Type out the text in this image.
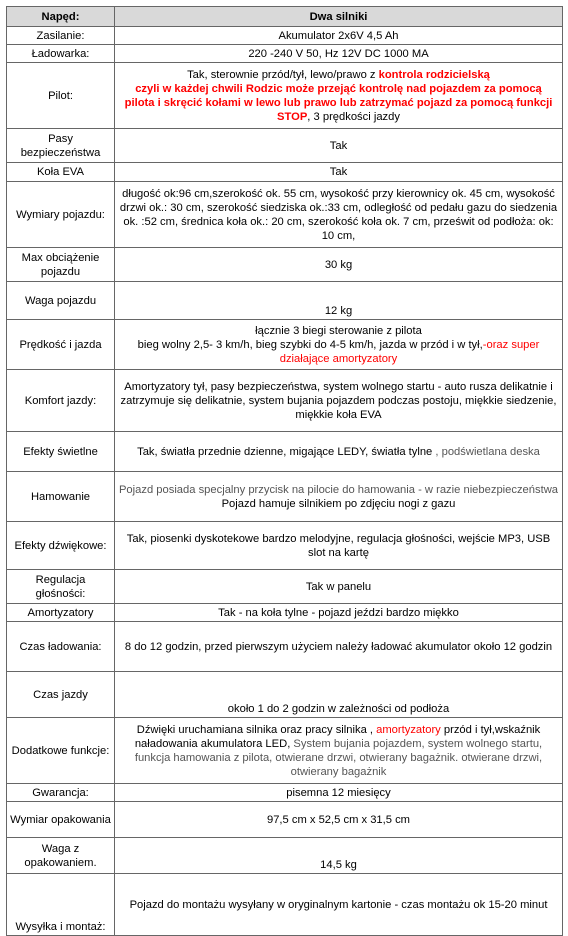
Napęd:	Dwa silniki
Zasilanie:	Akumulator 2x6V 4,5 Ah
Ładowarka:	220 -240 V 50, Hz 12V DC 1000 MA
Pilot:	Tak, sterownie przód/tył, lewo/prawo z kontrola rodzicielską
czyli w każdej chwili Rodzic może przejąć kontrolę nad pojazdem za pomocą pilota i skręcić kołami w lewo lub prawo lub zatrzymać pojazd za pomocą funkcji STOP, 3 prędkości jazdy
Pasy bezpieczeństwa	Tak
Koła EVA	Tak
Wymiary pojazdu:	długość ok:96 cm,szerokość ok. 55 cm, wysokość przy kierownicy ok. 45 cm, wysokość drzwi ok.: 30 cm, szerokość siedziska ok.:33 cm, odległość od pedału gazu do siedzenia ok. :52 cm, średnica koła ok.: 20 cm, szerokość koła ok. 7 cm, prześwit od podłoża: ok: 10 cm,
Max obciążenie pojazdu	30 kg
Waga pojazdu	12 kg
Prędkość i jazda	łącznie 3 biegi sterowanie z pilota
bieg wolny 2,5- 3 km/h, bieg szybki do 4-5 km/h, jazda w przód i w tył,-oraz super działające amortyzatory
Komfort jazdy:	Amortyzatory tył, pasy bezpieczeństwa, system wolnego startu - auto rusza delikatnie i zatrzymuje się delikatnie, system bujania pojazdem podczas postoju, miękkie siedzenie, miękkie koła EVA
Efekty świetlne	Tak, światła przednie dzienne, migające LEDY, światła tylne , podświetlana deska
Hamowanie	Pojazd posiada specjalny przycisk na pilocie do hamowania - w razie niebezpieczeństwa
Pojazd hamuje silnikiem po zdjęciu nogi z gazu
Efekty dźwiękowe:	Tak, piosenki dyskotekowe bardzo melodyjne, regulacja głośności, wejście MP3, USB slot na kartę
Regulacja głośności:	Tak w panelu
Amortyzatory	Tak - na koła tylne - pojazd jeździ bardzo miękko
Czas ładowania:	8 do 12 godzin, przed pierwszym użyciem należy ładować akumulator około 12 godzin
Czas jazdy	około 1 do 2 godzin w zależności od podłoża
Dodatkowe funkcje:	Dźwięki uruchamiana silnika oraz pracy silnika , amortyzatory przód i tył,wskaźnik naładowania akumulatora LED, System bujania pojazdem, system wolnego startu, funkcja hamowania z pilota, otwierane drzwi, otwierany bagażnik. otwierane drzwi, otwierany bagażnik
Gwarancja:	pisemna 12 miesięcy
Wymiar opakowania	97,5 cm x 52,5 cm x 31,5 cm
Waga z opakowaniem.	14,5 kg
Wysyłka i montaż:	Pojazd do montażu wysyłany w oryginalnym kartonie - czas montażu ok 15-20 minut
